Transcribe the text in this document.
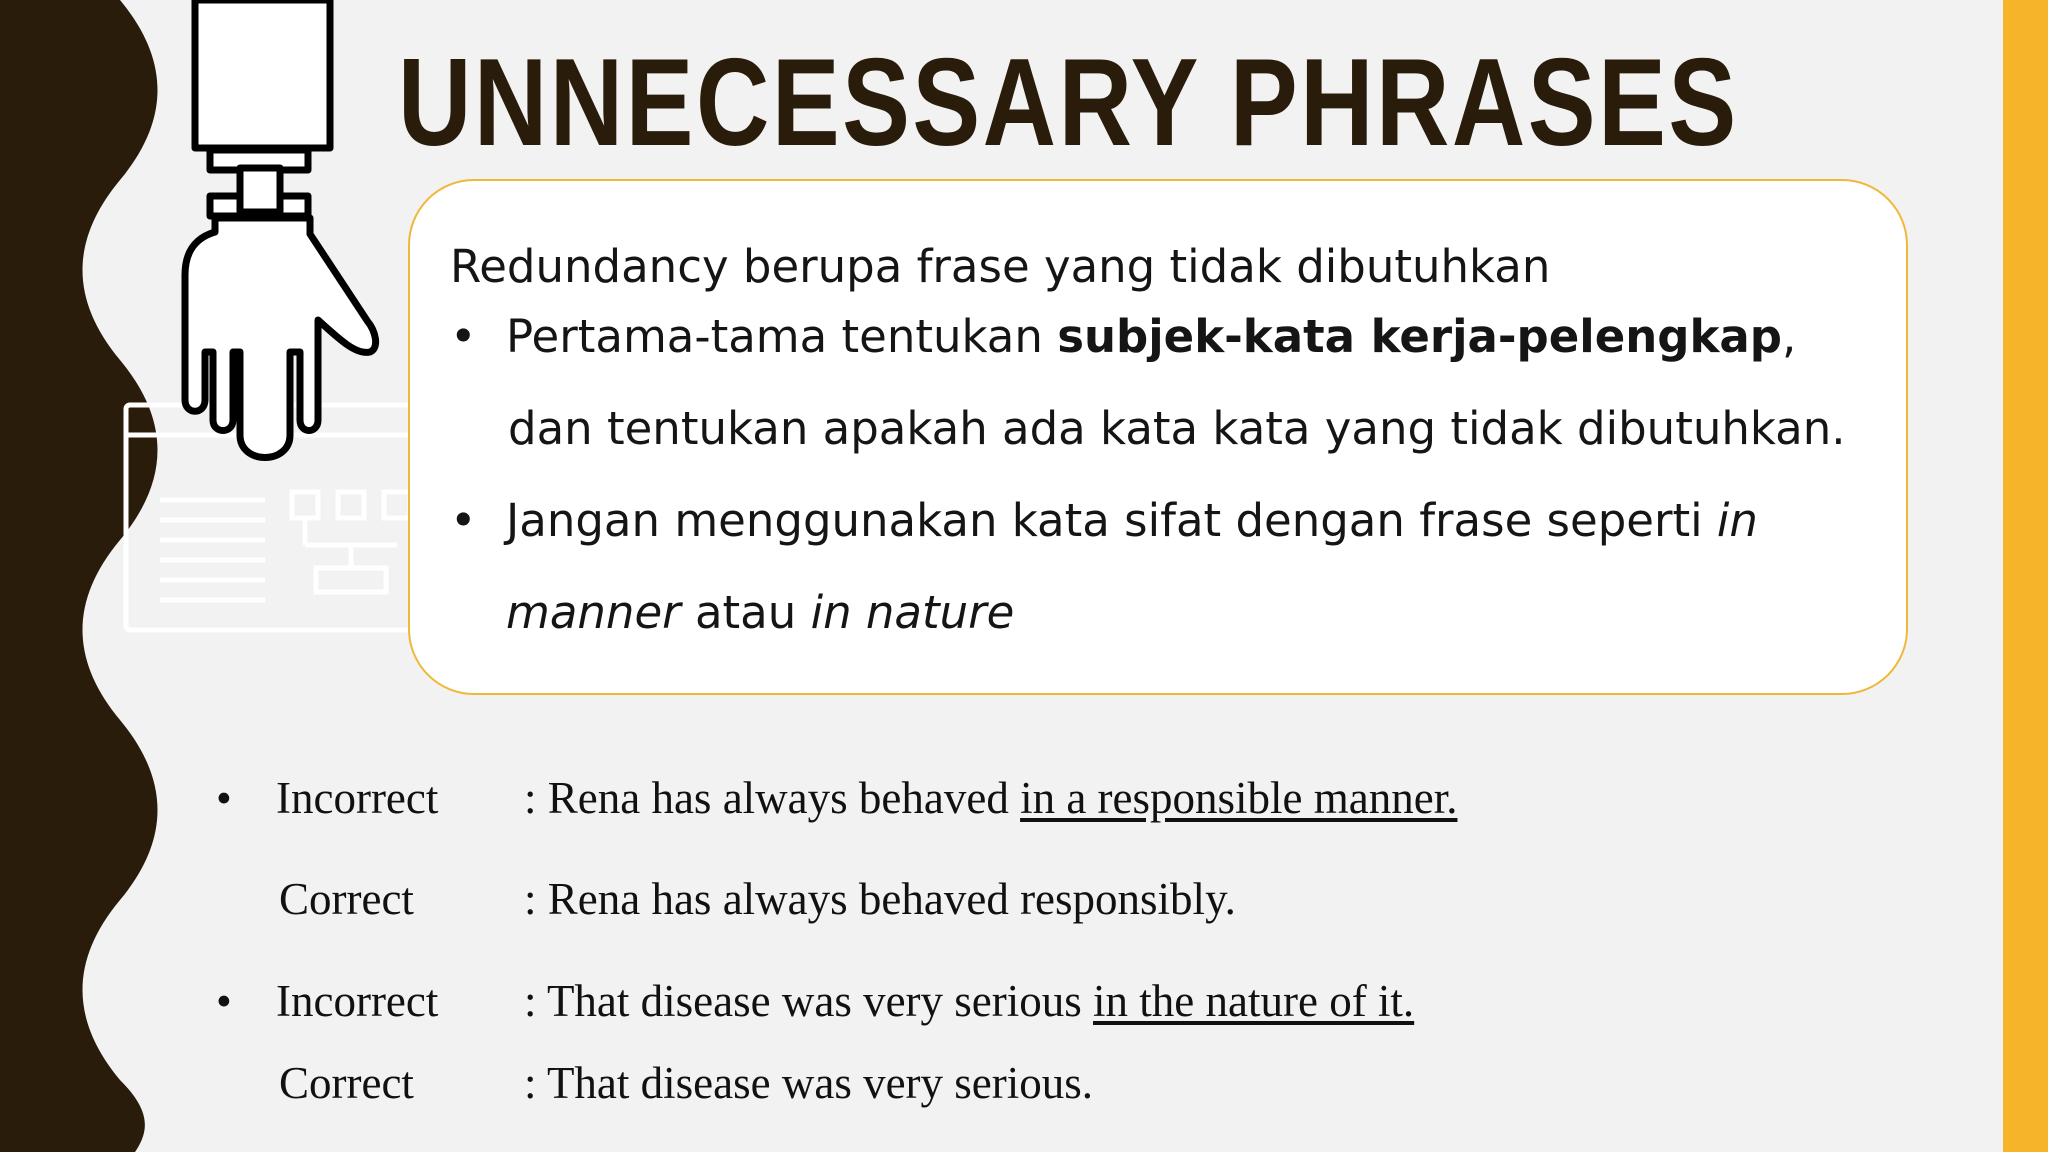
UNNECESSARY PHRASES

Redundancy berupa frase yang tidak dibutuhkan

• Pertama-tama tentukan subjek-kata kerja-pelengkap,
dan tentukan apakah ada kata kata yang tidak dibutuhkan.
• Jangan menggunakan kata sifat dengan frase seperti in
manner atau in nature
• Incorrect : Rena has always behaved in a responsible manner.
Correct : Rena has always behaved responsibly.
• Incorrect : That disease was very serious in the nature of it.
Correct : That disease was very serious.
